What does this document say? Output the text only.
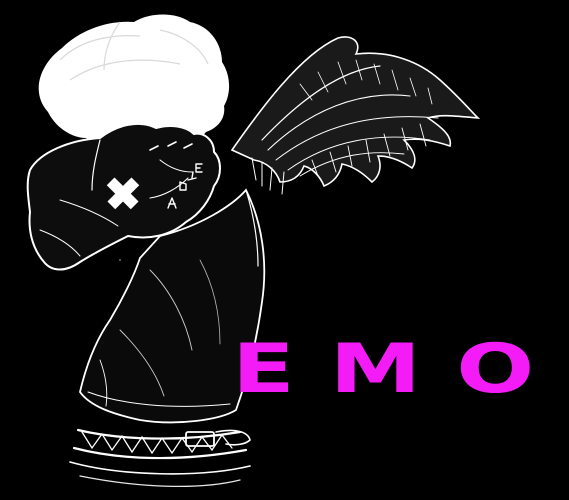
EMO
